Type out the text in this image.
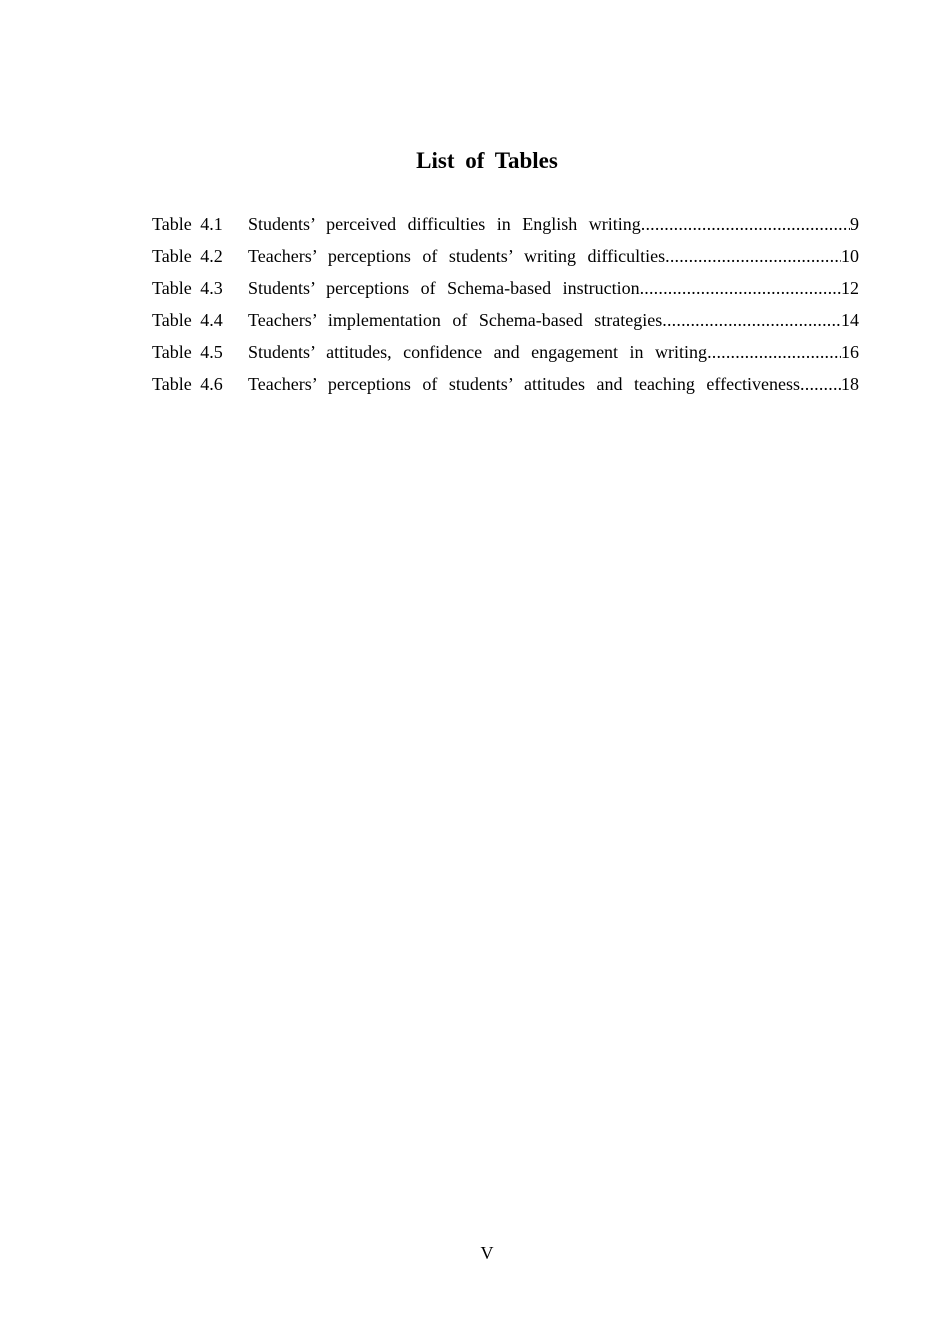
List of Tables
Table 4.1	Students’ perceived difficulties in English writing .....	9
Table 4.2	Teachers’ perceptions of students’ writing difficulties .....	10
Table 4.3	Students’ perceptions of Schema-based instruction .....	12
Table 4.4	Teachers’ implementation of Schema-based strategies .....	14
Table 4.5	Students’ attitudes, confidence and engagement in writing .....	16
Table 4.6	Teachers’ perceptions of students’ attitudes and teaching effectiveness ..... 18
V
